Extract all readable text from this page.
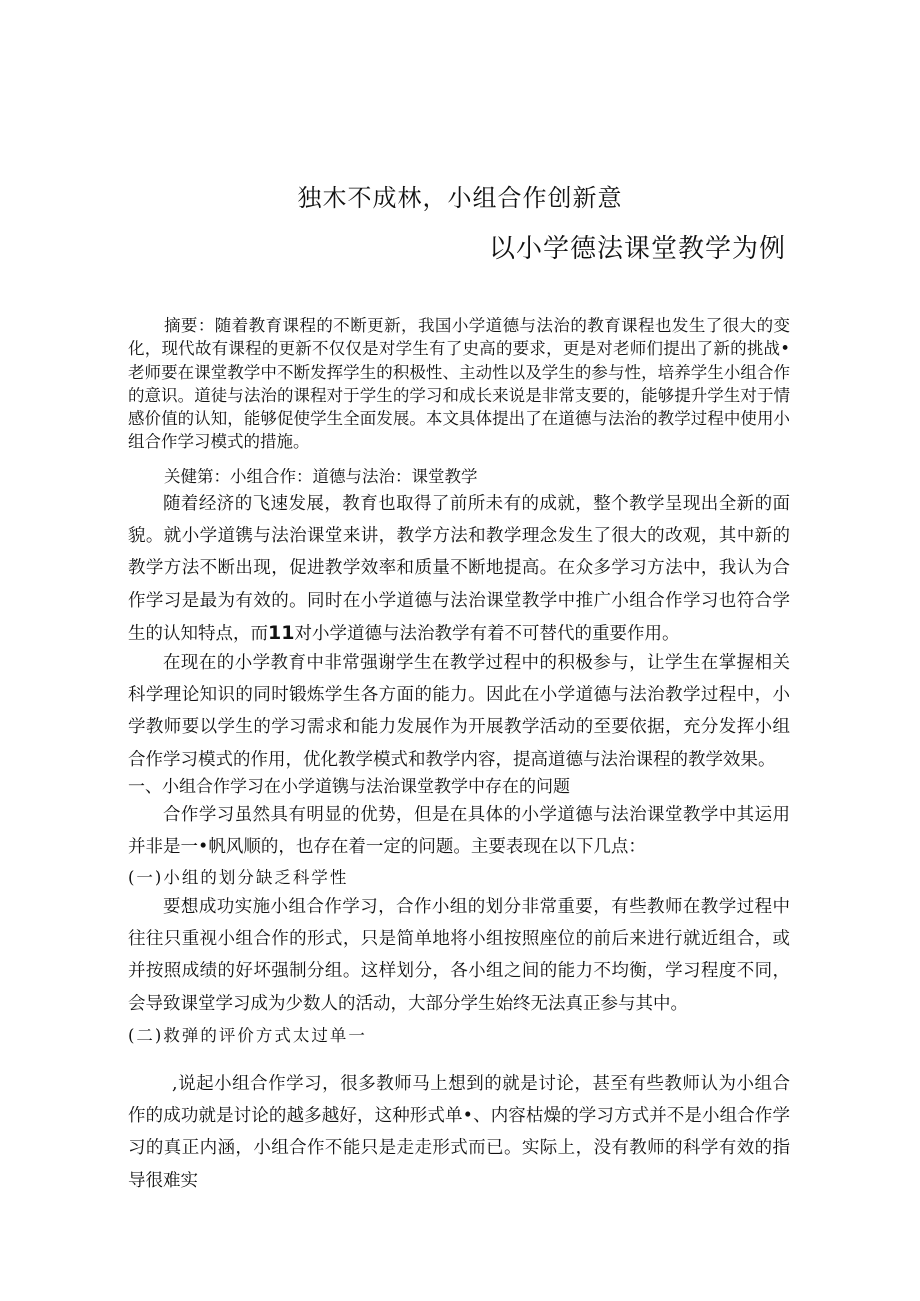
独木不成林，小组合作创新意
以小学德法课堂教学为例

摘要：随着教育课程的不断更新，我国小学道德与法治的教育课程也发生了很大的变化，现代故有课程的更新不仅仅是对学生有了史高的要求，更是对老师们提出了新的挑战•老师要在课堂教学中不断发挥学生的积极性、主动性以及学生的参与性，培养学生小组合作的意识。道徒与法治的课程对于学生的学习和成长来说是非常支要的，能够提升学生对于情感价值的认知，能够促使学生全面发展。本文具体提出了在道德与法治的教学过程中使用小组合作学习模式的措施。

关健第：小组合作：道德与法治：课堂教学

随着经济的飞速发展，教育也取得了前所未有的成就，整个教学呈现出全新的面貌。就小学道镌与法治课堂来讲，教学方法和教学理念发生了很大的改观，其中新的教学方法不断出现，促进教学效率和质量不断地提高。在众多学习方法中，我认为合作学习是最为有效的。同时在小学道德与法治课堂教学中推广小组合作学习也符合学生的认知特点，而11对小学道德与法治教学有着不可替代的重要作用。

在现在的小学教育中非常强谢学生在教学过程中的积极参与，让学生在掌握相关科学理论知识的同时锻炼学生各方面的能力。因此在小学道德与法治教学过程中，小学教师要以学生的学习需求和能力发展作为开展教学活动的至要依据，充分发挥小组合作学习模式的作用，优化教学模式和教学内容，提高道德与法治课程的教学效果。

一、小组合作学习在小学道镌与法治课堂教学中存在的问题

合作学习虽然具有明显的优势，但是在具体的小学道德与法治课堂教学中其运用并非是一•帆风顺的，也存在着一定的问题。主要表现在以下几点：

(一)小组的划分缺乏科学性

要想成功实施小组合作学习，合作小组的划分非常重要，有些教师在教学过程中往往只重视小组合作的形式，只是简单地将小组按照座位的前后来进行就近组合，或并按照成绩的好坏强制分组。这样划分，各小组之间的能力不均衡，学习程度不同，会导致课堂学习成为少数人的活动，大部分学生始终无法真正参与其中。

(二)救弹的评价方式太过单一

,说起小组合作学习，很多教师马上想到的就是讨论，甚至有些教师认为小组合作的成功就是讨论的越多越好，这种形式单•、内容枯燥的学习方式并不是小组合作学习的真正内涵，小组合作不能只是走走形式而已。实际上，没有教师的科学有效的指导很难实
